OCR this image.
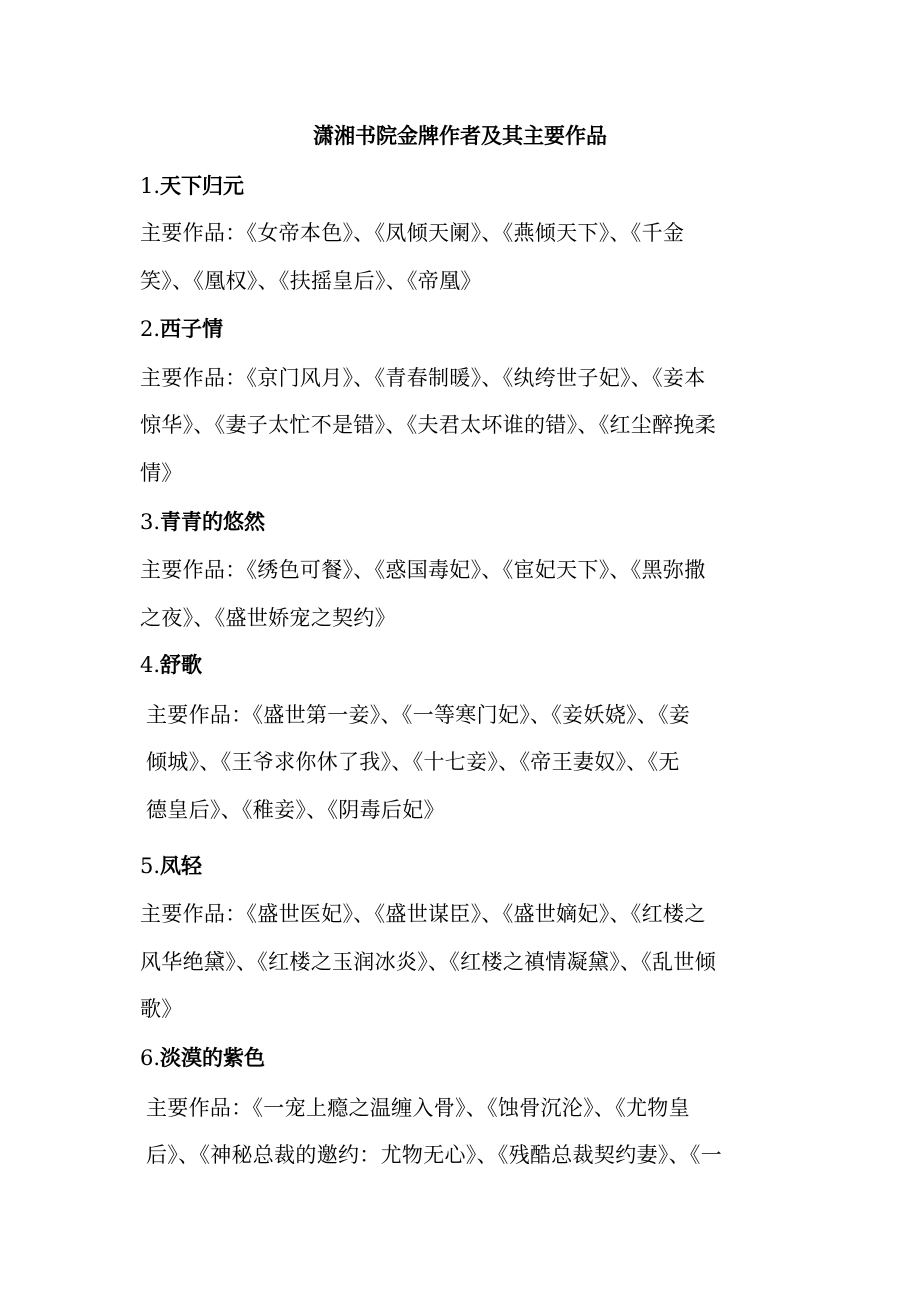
潇湘书院金牌作者及其主要作品
1.天下归元
主要作品：《女帝本色》、《凤倾天阑》、《燕倾天下》、《千金
笑》、《凰权》、《扶摇皇后》、《帝凰》
2.西子情
主要作品：《京门风月》、《青春制暖》、《纨绔世子妃》、《妾本
惊华》、《妻子太忙不是错》、《夫君太坏谁的错》、《红尘醉挽柔
情》
3.青青的悠然
主要作品：《绣色可餐》、《惑国毒妃》、《宦妃天下》、《黑弥撒
之夜》、《盛世娇宠之契约》
4.舒歌
主要作品：《盛世第一妾》、《一等寒门妃》、《妾妖娆》、《妾
倾城》、《王爷求你休了我》、《十七妾》、《帝王妻奴》、《无
德皇后》、《稚妾》、《阴毒后妃》
5.凤轻
主要作品：《盛世医妃》、《盛世谋臣》、《盛世嫡妃》、《红楼之
风华绝黛》、《红楼之玉润冰炎》、《红楼之禛情凝黛》、《乱世倾
歌》
6.淡漠的紫色
主要作品：《一宠上瘾之温缠入骨》、《蚀骨沉沦》、《尤物皇
后》、《神秘总裁的邀约：尤物无心》、《残酷总裁契约妻》、《一
